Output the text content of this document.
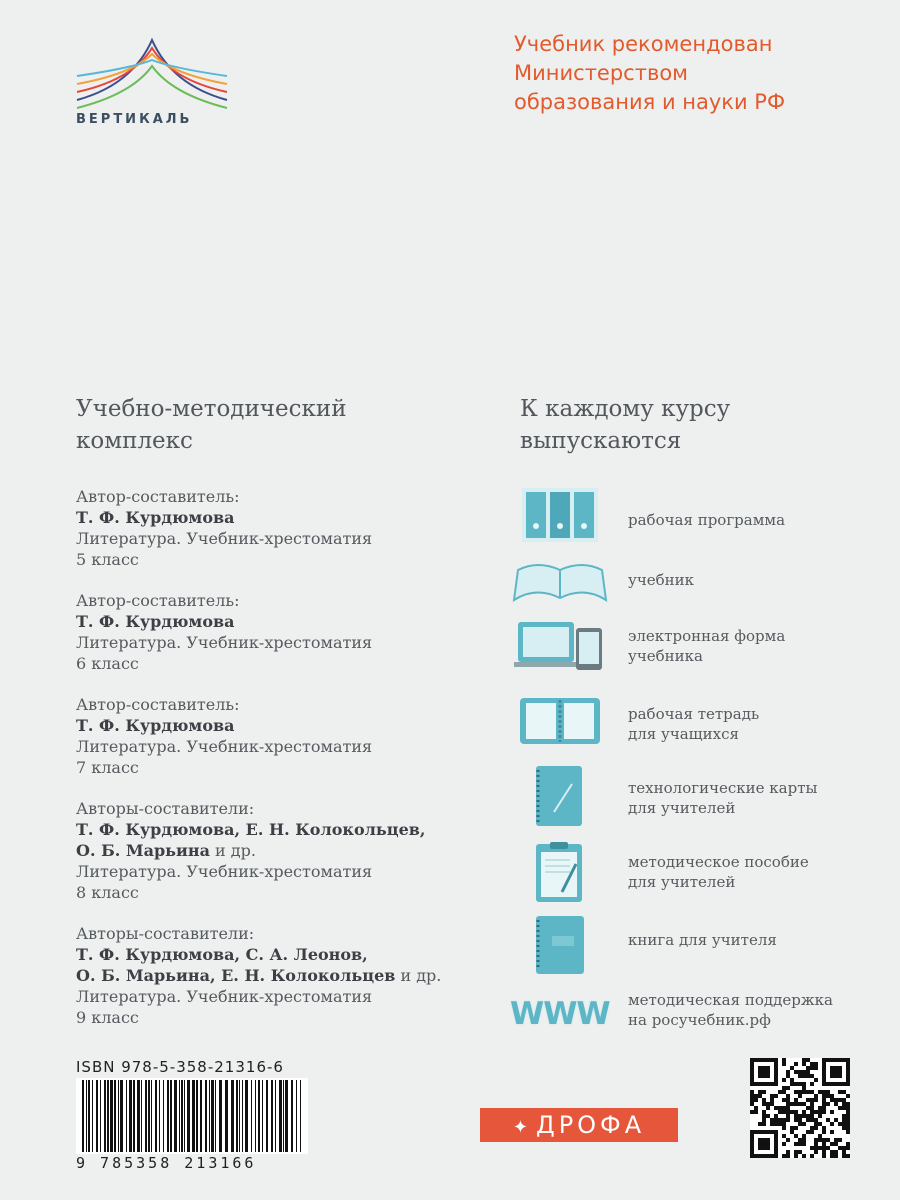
ВЕРТИКАЛЬ
Учебник рекомендован
Министерством
образования и науки РФ
Учебно-методический
комплекс
Автор-составитель:
Т. Ф. Курдюмова
Литература. Учебник-хрестоматия
5 класс
Автор-составитель:
Т. Ф. Курдюмова
Литература. Учебник-хрестоматия
6 класс
Автор-составитель:
Т. Ф. Курдюмова
Литература. Учебник-хрестоматия
7 класс
Авторы-составители:
Т. Ф. Курдюмова, Е. Н. Колокольцев,
О. Б. Марьина и др.
Литература. Учебник-хрестоматия
8 класс
Авторы-составители:
Т. Ф. Курдюмова, С. А. Леонов,
О. Б. Марьина, Е. Н. Колокольцев и др.
Литература. Учебник-хрестоматия
9 класс
К каждому курсу
выпускаются
рабочая программа
учебник
электронная форма
учебника
рабочая тетрадь
для учащихся
технологические карты
для учителей
методическое пособие
для учителей
книга для учителя
WWW методическая поддержка
на росучебник.рф
ISBN 978-5-358-21316-6
9 785358 213166
✦ ДРОФА
